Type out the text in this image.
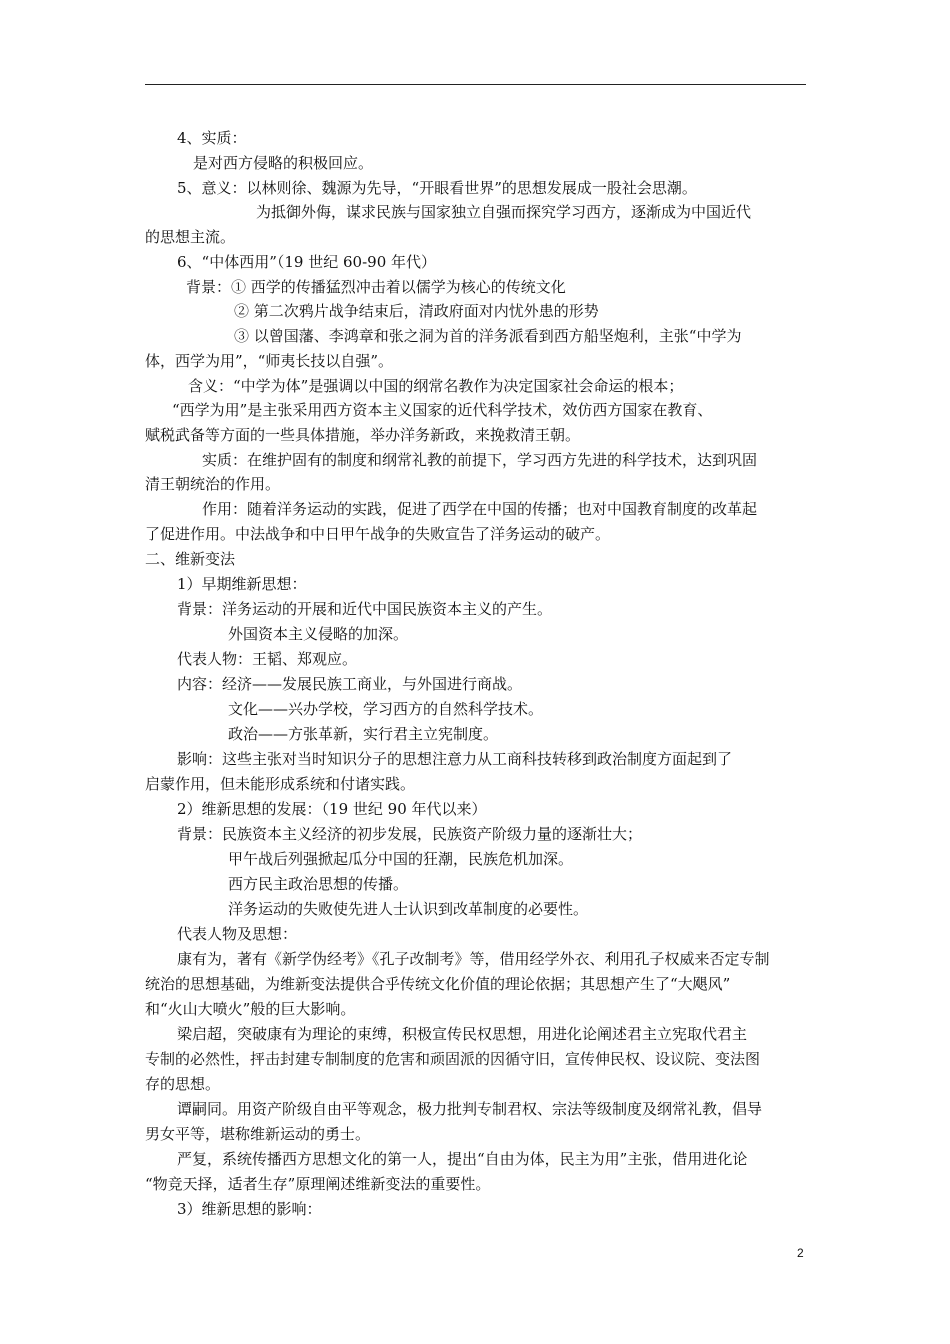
4、实质：
是对西方侵略的积极回应。
5、意义：以林则徐、魏源为先导，“开眼看世界”的思想发展成一股社会思潮。
为抵御外侮，谋求民族与国家独立自强而探究学习西方，逐渐成为中国近代
的思想主流。
6、“中体西用”（19 世纪 60-90 年代）
背景：① 西学的传播猛烈冲击着以儒学为核心的传统文化
② 第二次鸦片战争结束后，清政府面对内忧外患的形势
③ 以曾国藩、李鸿章和张之洞为首的洋务派看到西方船坚炮利，主张“中学为
体，西学为用”，“师夷长技以自强”。
含义：“中学为体”是强调以中国的纲常名教作为决定国家社会命运的根本；
“西学为用”是主张采用西方资本主义国家的近代科学技术，效仿西方国家在教育、
赋税武备等方面的一些具体措施，举办洋务新政，来挽救清王朝。
实质：在维护固有的制度和纲常礼教的前提下，学习西方先进的科学技术，达到巩固
清王朝统治的作用。
作用：随着洋务运动的实践，促进了西学在中国的传播；也对中国教育制度的改革起
了促进作用。中法战争和中日甲午战争的失败宣告了洋务运动的破产。
二、维新变法
1）早期维新思想：
背景：洋务运动的开展和近代中国民族资本主义的产生。
外国资本主义侵略的加深。
代表人物：王韬、郑观应。
内容：经济——发展民族工商业，与外国进行商战。
文化——兴办学校，学习西方的自然科学技术。
政治——方张革新，实行君主立宪制度。
影响：这些主张对当时知识分子的思想注意力从工商科技转移到政治制度方面起到了
启蒙作用，但未能形成系统和付诸实践。
2）维新思想的发展：（19 世纪 90 年代以来）
背景：民族资本主义经济的初步发展，民族资产阶级力量的逐渐壮大；
甲午战后列强掀起瓜分中国的狂潮，民族危机加深。
西方民主政治思想的传播。
洋务运动的失败使先进人士认识到改革制度的必要性。
代表人物及思想：
康有为，著有《新学伪经考》《孔子改制考》等，借用经学外衣、利用孔子权威来否定专制
统治的思想基础，为维新变法提供合乎传统文化价值的理论依据；其思想产生了“大飓风”
和“火山大喷火”般的巨大影响。
梁启超，突破康有为理论的束缚，积极宣传民权思想，用进化论阐述君主立宪取代君主
专制的必然性，抨击封建专制制度的危害和顽固派的因循守旧，宣传伸民权、设议院、变法图
存的思想。
谭嗣同。用资产阶级自由平等观念，极力批判专制君权、宗法等级制度及纲常礼教，倡导
男女平等，堪称维新运动的勇士。
严复，系统传播西方思想文化的第一人，提出“自由为体，民主为用”主张，借用进化论
“物竞天择，适者生存”原理阐述维新变法的重要性。
3）维新思想的影响：
2
